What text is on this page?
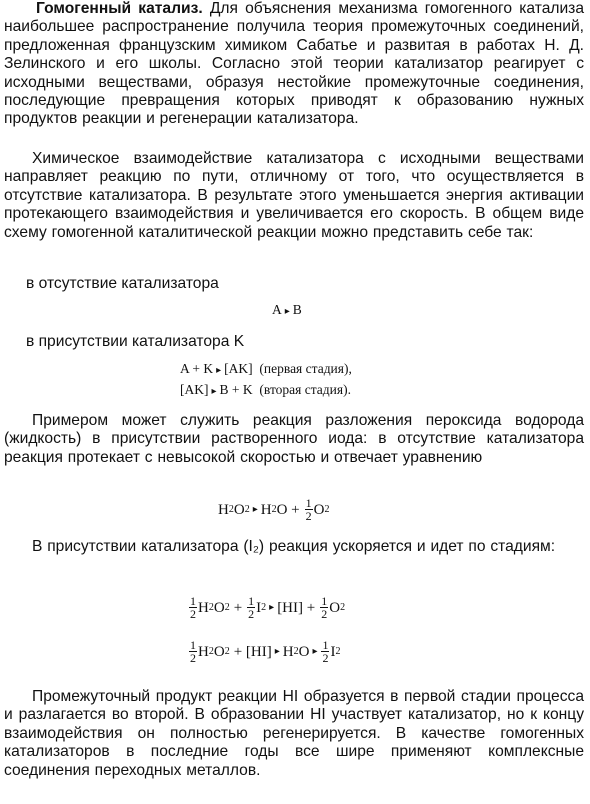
Гомогенный катализ. Для объяснения механизма гомогенного катализа наибольшее распространение получила теория промежуточных соединений, предложенная французским химиком Сабатье и развитая в работах Н. Д. Зелинского и его школы. Согласно этой теории катализатор реагирует с исходными веществами, образуя нестойкие промежуточные соединения, последующие превращения которых приводят к образованию нужных продуктов реакции и регенерации катализатора.

Химическое взаимодействие катализатора с исходными веществами направляет реакцию по пути, отличному от того, что осуществляется в отсутствие катализатора. В результате этого уменьшается энергия активации протекающего взаимодействия и увеличивается его скорость. В общем виде схему гомогенной каталитической реакции можно представить себе так:

в отсутствие катализатора

A ▸ B

в присутствии катализатора K

A + K ▸ [AK] (первая стадия),
[AK] ▸ B + K (вторая стадия).

Примером может служить реакция разложения пероксида водорода (жидкость) в присутствии растворенного иода: в отсутствие катализатора реакция протекает с невысокой скоростью и отвечает уравнению

H 2 O 2 ▸ H 2 $O + \frac{1}{2}$ O 2

В присутствии катализатора (I₂) реакция ускоряется и идет по стадиям:

$\frac{1}{2}$ H 2 O $2 + \frac{1}{2}$ I 2 ▸ $[HI] + \frac{1}{2}$ O 2
$\frac{1}{2}$ H 2 O 2 + [HI] ▸ H 2 O ▸ $\frac{1}{2}$ I 2

Промежуточный продукт реакции HI образуется в первой стадии процесса и разлагается во второй. В образовании HI участвует катализатор, но к концу взаимодействия он полностью регенерируется. В качестве гомогенных катализаторов в последние годы все шире применяют комплексные соединения переходных металлов.
